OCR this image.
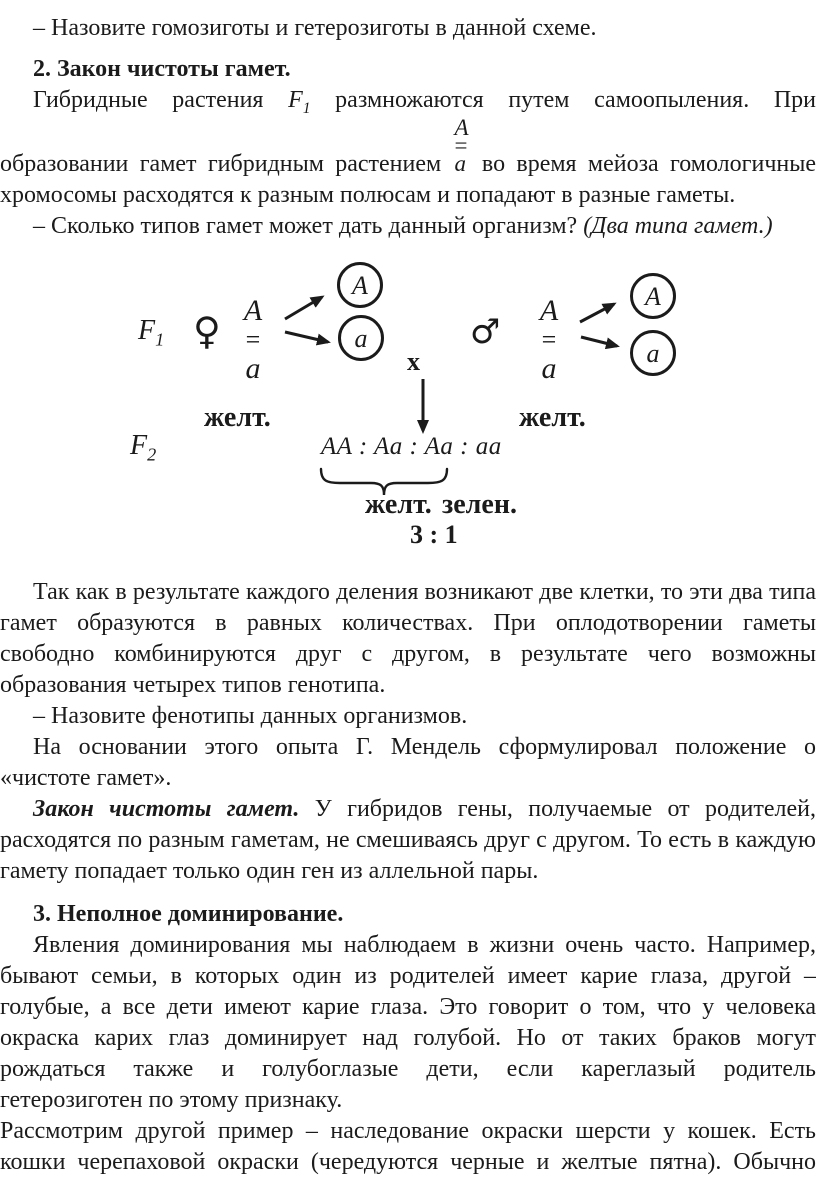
– Назовите гомозиготы и гетерозиготы в данной схеме.
2. Закон чистоты гамет.
Гибридные растения $F_1$ размножаются путем самоопыления. При
образовании гамет гибридным растением
A
=
a во время мейоза гомологичные
хромосомы расходятся к разным полюсам и попадают в разные гаметы.
– Сколько типов гамет может дать данный организм? (Два типа гамет.)
$F_1$
$F_2$
♀	♂
A
=
a
A
=
a
A
a
A
a
x
желт.	желт.
AA : Aa : Aa : aa
желт. зелен.
3 : 1
Так как в результате каждого деления возникают две клетки, то эти два типа
гамет образуются в равных количествах. При оплодотворении гаметы
свободно комбинируются друг с другом, в результате чего возможны
образования четырех типов генотипа.
– Назовите фенотипы данных организмов.
На основании этого опыта Г. Мендель сформулировал положение о
«чистоте гамет».
Закон чистоты гамет. У гибридов гены, получаемые от родителей,
расходятся по разным гаметам, не смешиваясь друг с другом. То есть в каждую
гамету попадает только один ген из аллельной пары.
3. Неполное доминирование.
Явления доминирования мы наблюдаем в жизни очень часто. Например,
бывают семьи, в которых один из родителей имеет карие глаза, другой –
голубые, а все дети имеют карие глаза. Это говорит о том, что у человека
окраска карих глаз доминирует над голубой. Но от таких браков могут
рождаться также и голубоглазые дети, если кареглазый родитель
гетерозиготен по этому признаку.
Рассмотрим другой пример – наследование окраски шерсти у кошек. Есть
кошки черепаховой окраски (чередуются черные и желтые пятна). Обычно
